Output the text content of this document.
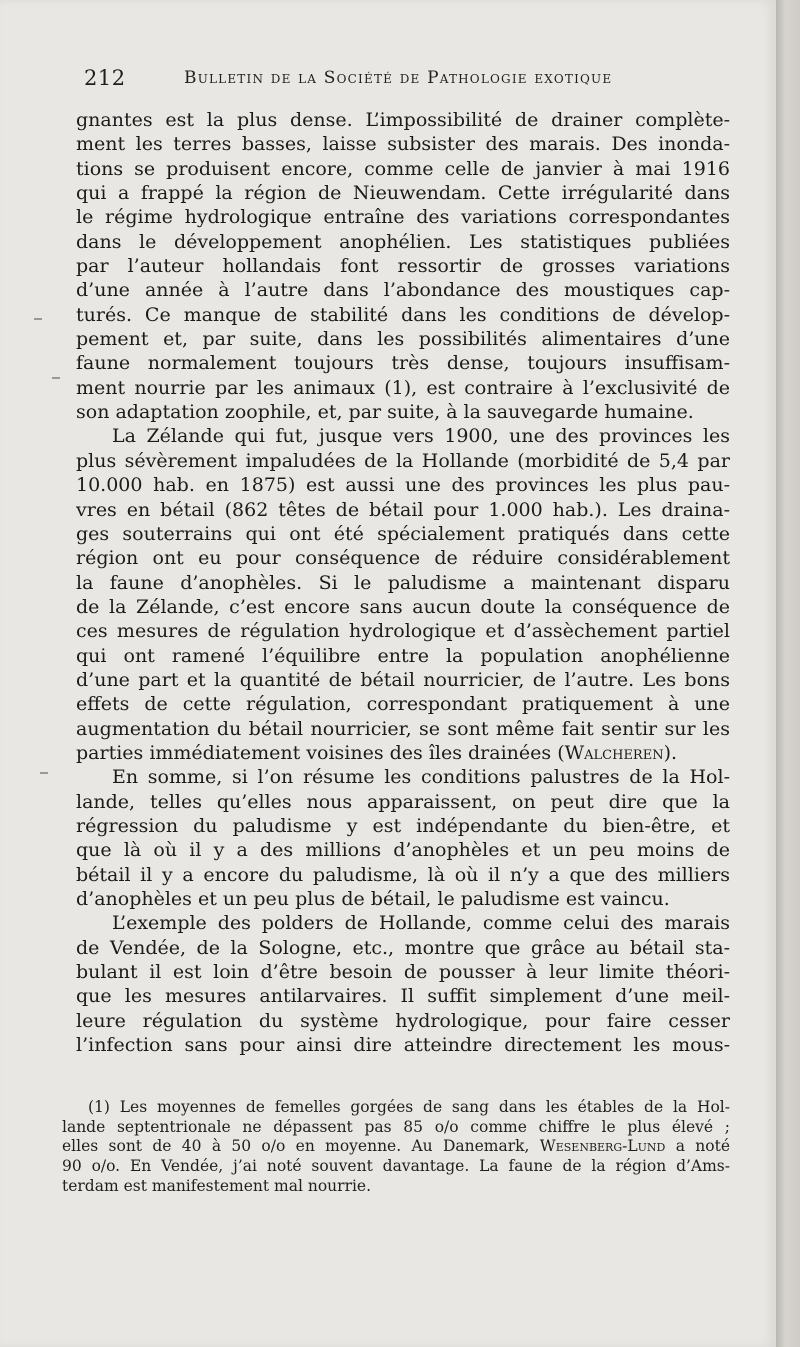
212	Bulletin de la Société de Pathologie exotique
gnantes est la plus dense. L’impossibilité de drainer complète-
ment les terres basses, laisse subsister des marais. Des inonda-
tions se produisent encore, comme celle de janvier à mai 1916
qui a frappé la région de Nieuwendam. Cette irrégularité dans
le régime hydrologique entraîne des variations correspondantes
dans le développement anophélien. Les statistiques publiées
par l’auteur hollandais font ressortir de grosses variations
d’une année à l’autre dans l’abondance des moustiques cap-
turés. Ce manque de stabilité dans les conditions de dévelop-
pement et, par suite, dans les possibilités alimentaires d’une
faune normalement toujours très dense, toujours insuffisam-
ment nourrie par les animaux (1), est contraire à l’exclusivité de
son adaptation zoophile, et, par suite, à la sauvegarde humaine.
La Zélande qui fut, jusque vers 1900, une des provinces les
plus sévèrement impaludées de la Hollande (morbidité de 5,4 par
10.000 hab. en 1875) est aussi une des provinces les plus pau-
vres en bétail (862 têtes de bétail pour 1.000 hab.). Les draina-
ges souterrains qui ont été spécialement pratiqués dans cette
région ont eu pour conséquence de réduire considérablement
la faune d’anophèles. Si le paludisme a maintenant disparu
de la Zélande, c’est encore sans aucun doute la conséquence de
ces mesures de régulation hydrologique et d’assèchement partiel
qui ont ramené l’équilibre entre la population anophélienne
d’une part et la quantité de bétail nourricier, de l’autre. Les bons
effets de cette régulation, correspondant pratiquement à une
augmentation du bétail nourricier, se sont même fait sentir sur les
parties immédiatement voisines des îles drainées (Walcheren).
En somme, si l’on résume les conditions palustres de la Hol-
lande, telles qu’elles nous apparaissent, on peut dire que la
régression du paludisme y est indépendante du bien-être, et
que là où il y a des millions d’anophèles et un peu moins de
bétail il y a encore du paludisme, là où il n’y a que des milliers
d’anophèles et un peu plus de bétail, le paludisme est vaincu.
L’exemple des polders de Hollande, comme celui des marais
de Vendée, de la Sologne, etc., montre que grâce au bétail sta-
bulant il est loin d’être besoin de pousser à leur limite théori-
que les mesures antilarvaires. Il suffit simplement d’une meil-
leure régulation du système hydrologique, pour faire cesser
l’infection sans pour ainsi dire atteindre directement les mous-
(1) Les moyennes de femelles gorgées de sang dans les étables de la Hol-
lande septentrionale ne dépassent pas 85 o/o comme chiffre le plus élevé ;
elles sont de 40 à 50 o/o en moyenne. Au Danemark, Wesenberg-Lund a noté
90 o/o. En Vendée, j’ai noté souvent davantage. La faune de la région d’Ams-
terdam est manifestement mal nourrie.
